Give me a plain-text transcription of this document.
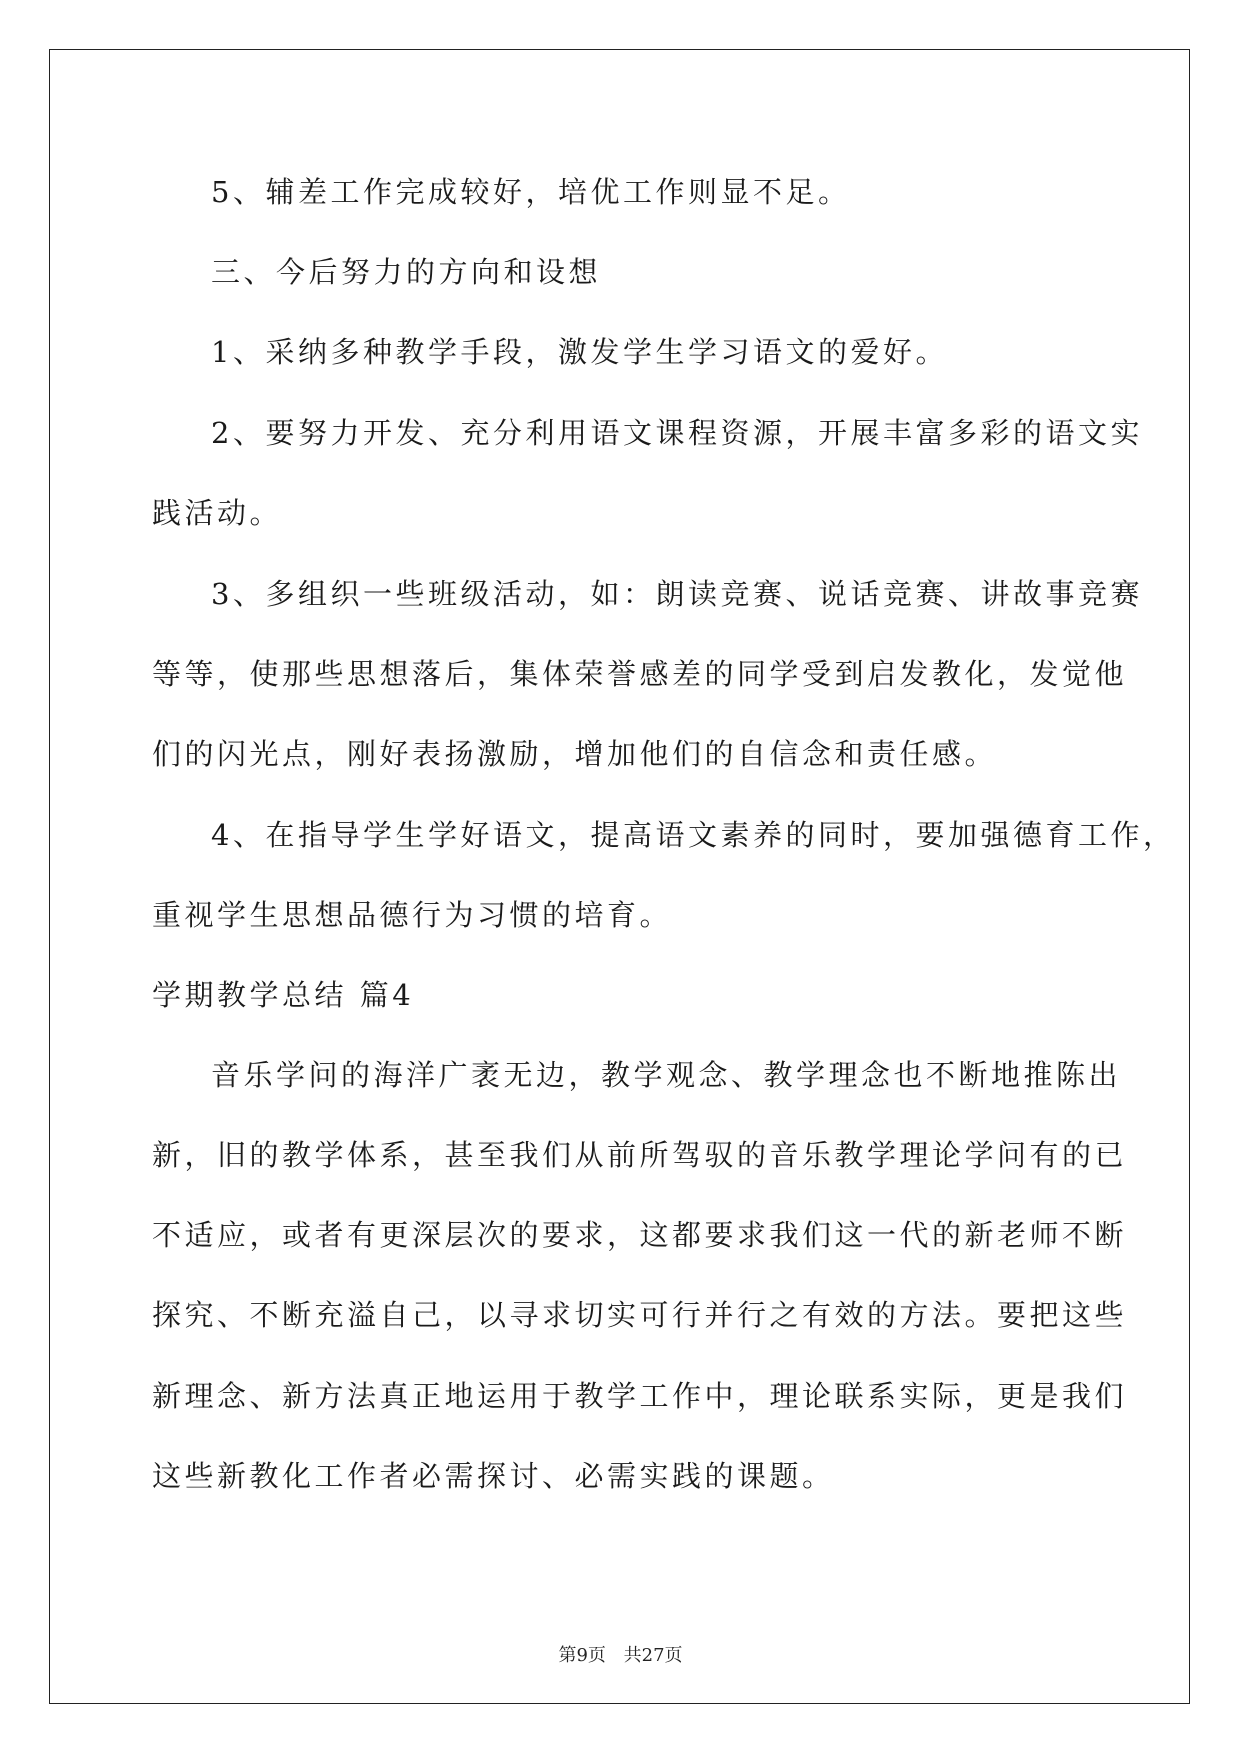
5、辅差工作完成较好，培优工作则显不足。
三、今后努力的方向和设想
1、采纳多种教学手段，激发学生学习语文的爱好。
2、要努力开发、充分利用语文课程资源，开展丰富多彩的语文实
践活动。
3、多组织一些班级活动，如：朗读竞赛、说话竞赛、讲故事竞赛
等等，使那些思想落后，集体荣誉感差的同学受到启发教化，发觉他
们的闪光点，刚好表扬激励，增加他们的自信念和责任感。
4、在指导学生学好语文，提高语文素养的同时，要加强德育工作，
重视学生思想品德行为习惯的培育。
学期教学总结 篇4
音乐学问的海洋广袤无边，教学观念、教学理念也不断地推陈出
新，旧的教学体系，甚至我们从前所驾驭的音乐教学理论学问有的已
不适应，或者有更深层次的要求，这都要求我们这一代的新老师不断
探究、不断充溢自己，以寻求切实可行并行之有效的方法。要把这些
新理念、新方法真正地运用于教学工作中，理论联系实际，更是我们
这些新教化工作者必需探讨、必需实践的课题。
第9页 共27页
